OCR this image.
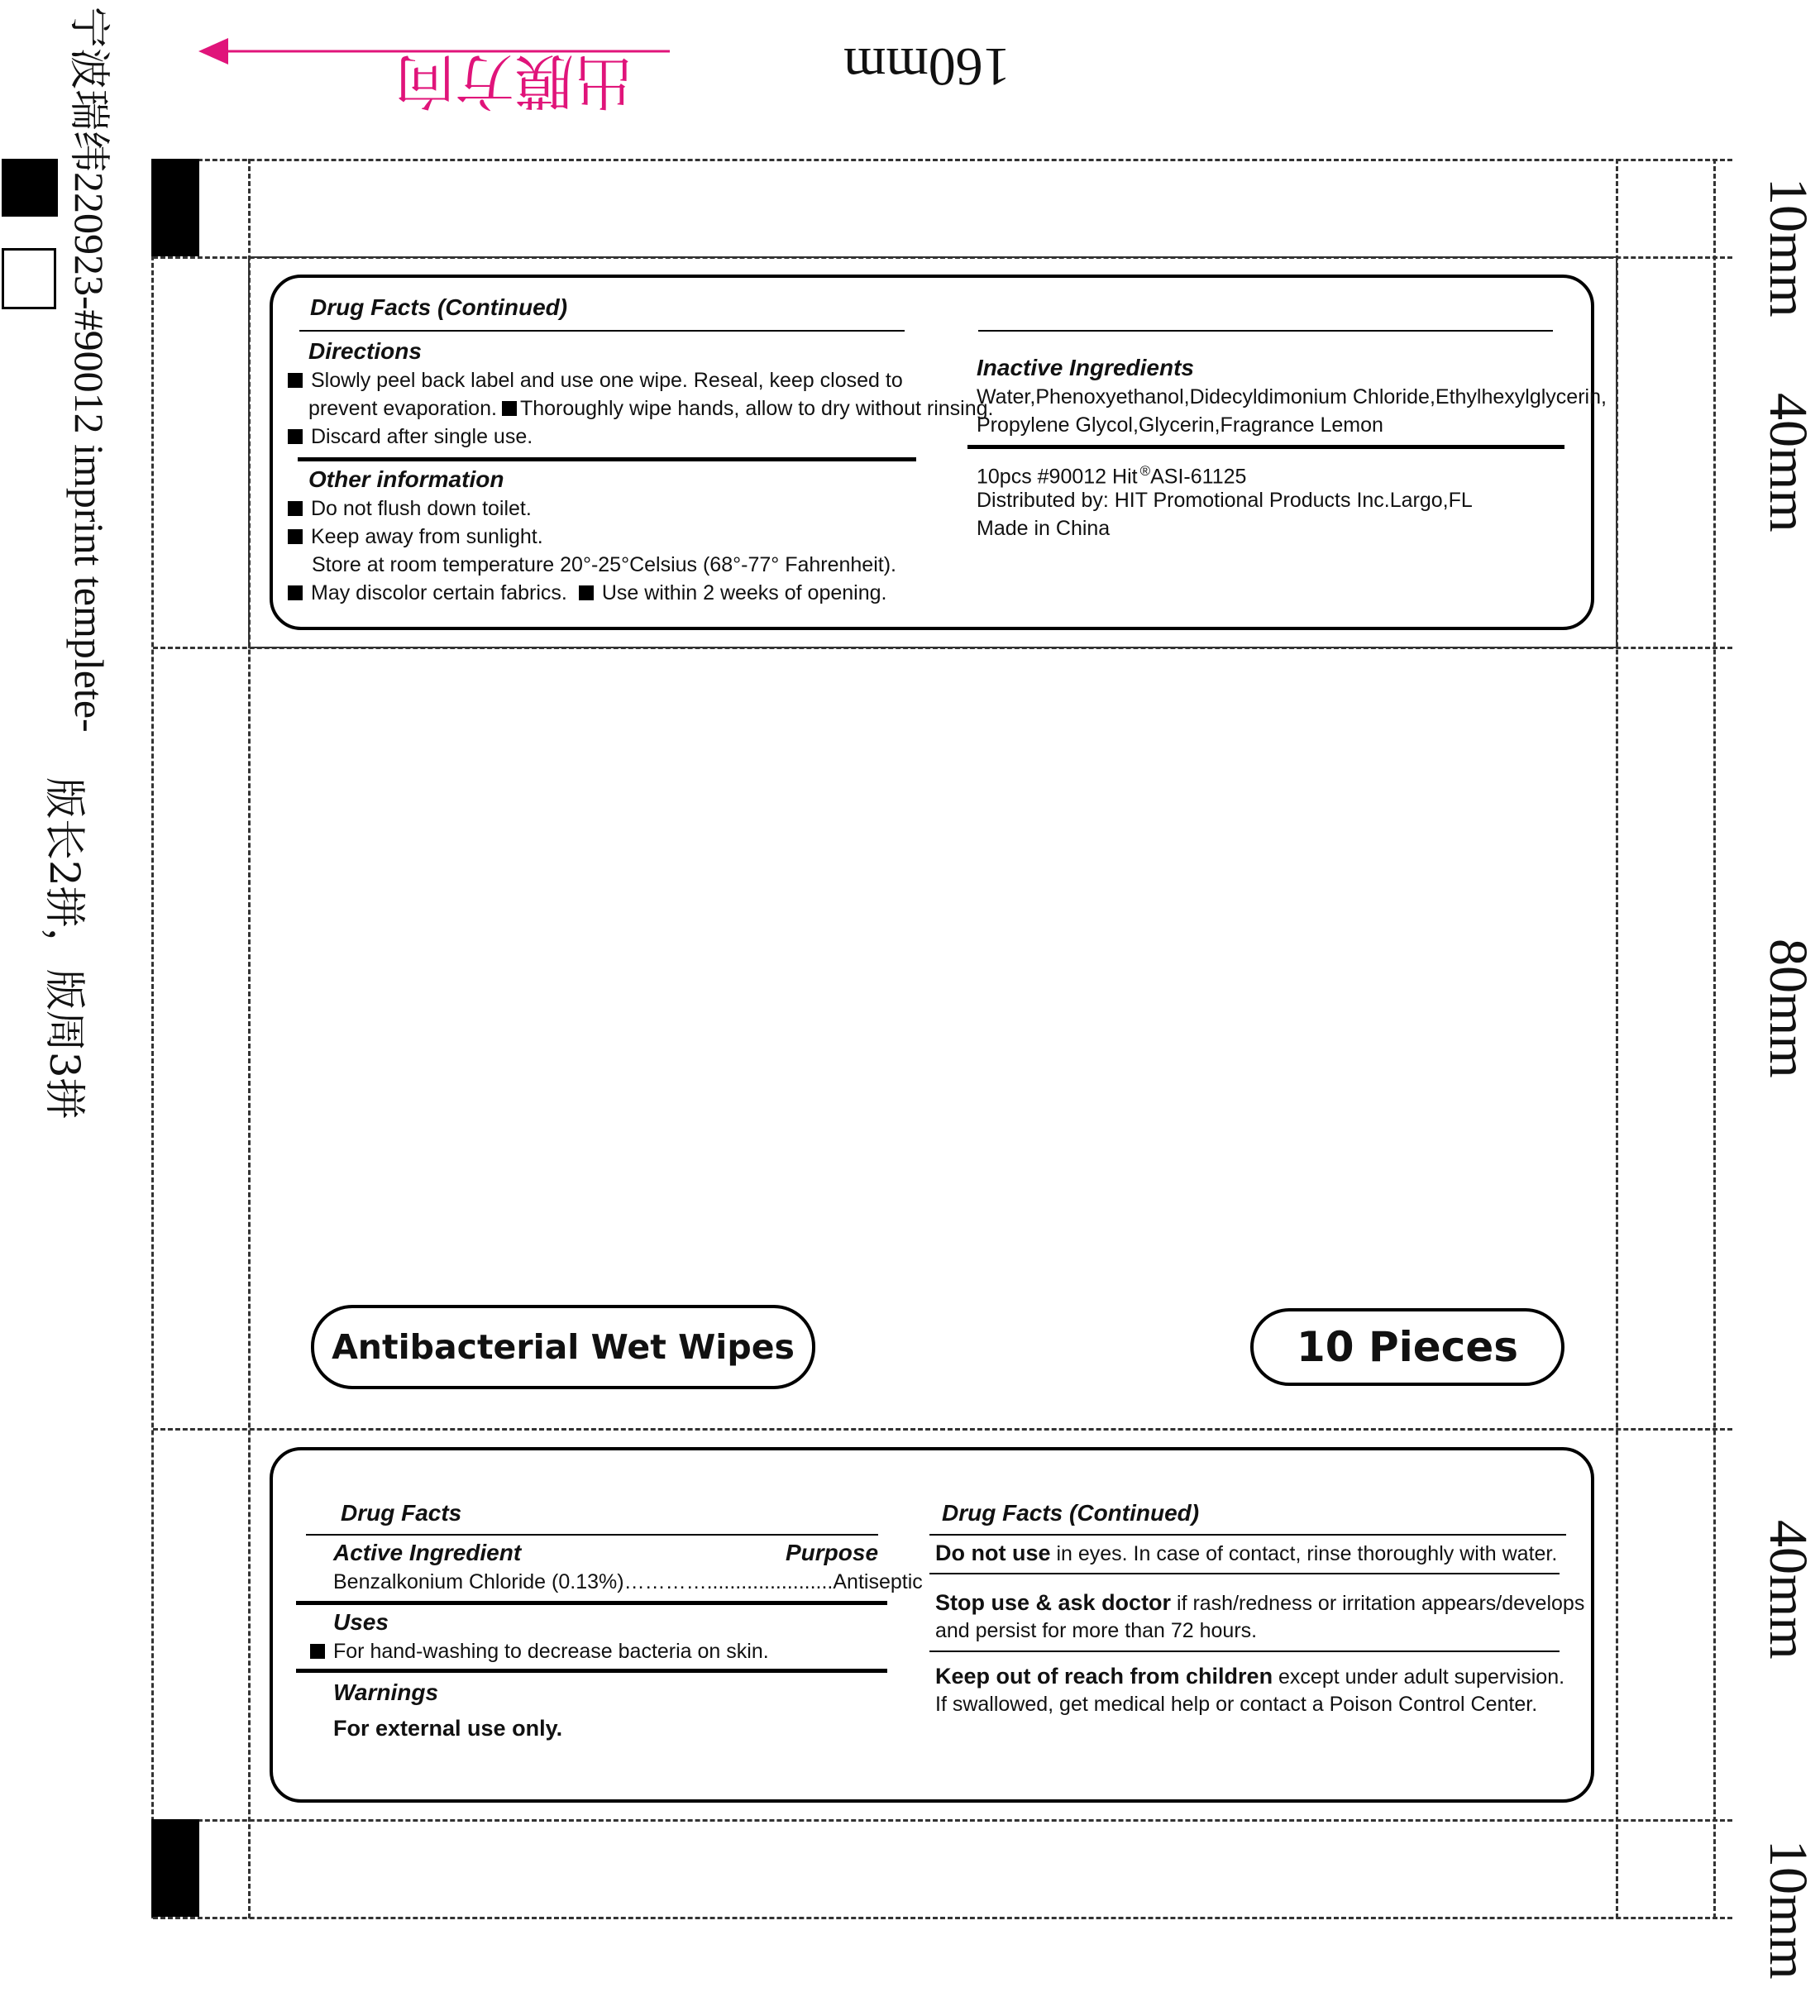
出膜方向	160mm
宁波瑞纬220923-#90012 imprint templete-
版长2拼，版周3拼
10mm
40mm
80mm
40mm
10mm
Drug Facts (Continued)
Directions
Slowly peel back label and use one wipe. Reseal, keep closed to
prevent evaporation. Thoroughly wipe hands, allow to dry without rinsing.
Discard after single use.
Other information
Do not flush down toilet.
Keep away from sunlight.
Store at room temperature 20°-25°Celsius (68°-77° Fahrenheit).
May discolor certain fabrics. Use within 2 weeks of opening.
Inactive Ingredients
Water,Phenoxyethanol,Didecyldimonium Chloride,Ethylhexylglycerin,
Propylene Glycol,Glycerin,Fragrance Lemon
10pcs #90012 Hit ®ASI-61125
Distributed by: HIT Promotional Products Inc.Largo,FL
Made in China
Antibacterial Wet Wipes	10 Pieces
Drug Facts
Active Ingredient	Purpose
Benzalkonium Chloride (0.13%)…………......................Antiseptic
Uses
For hand-washing to decrease bacteria on skin.
Warnings
For external use only.
Drug Facts (Continued)
Do not use in eyes. In case of contact, rinse thoroughly with water.
Stop use & ask doctor if rash/redness or irritation appears/develops
and persist for more than 72 hours.
Keep out of reach from children except under adult supervision.
If swallowed, get medical help or contact a Poison Control Center.
